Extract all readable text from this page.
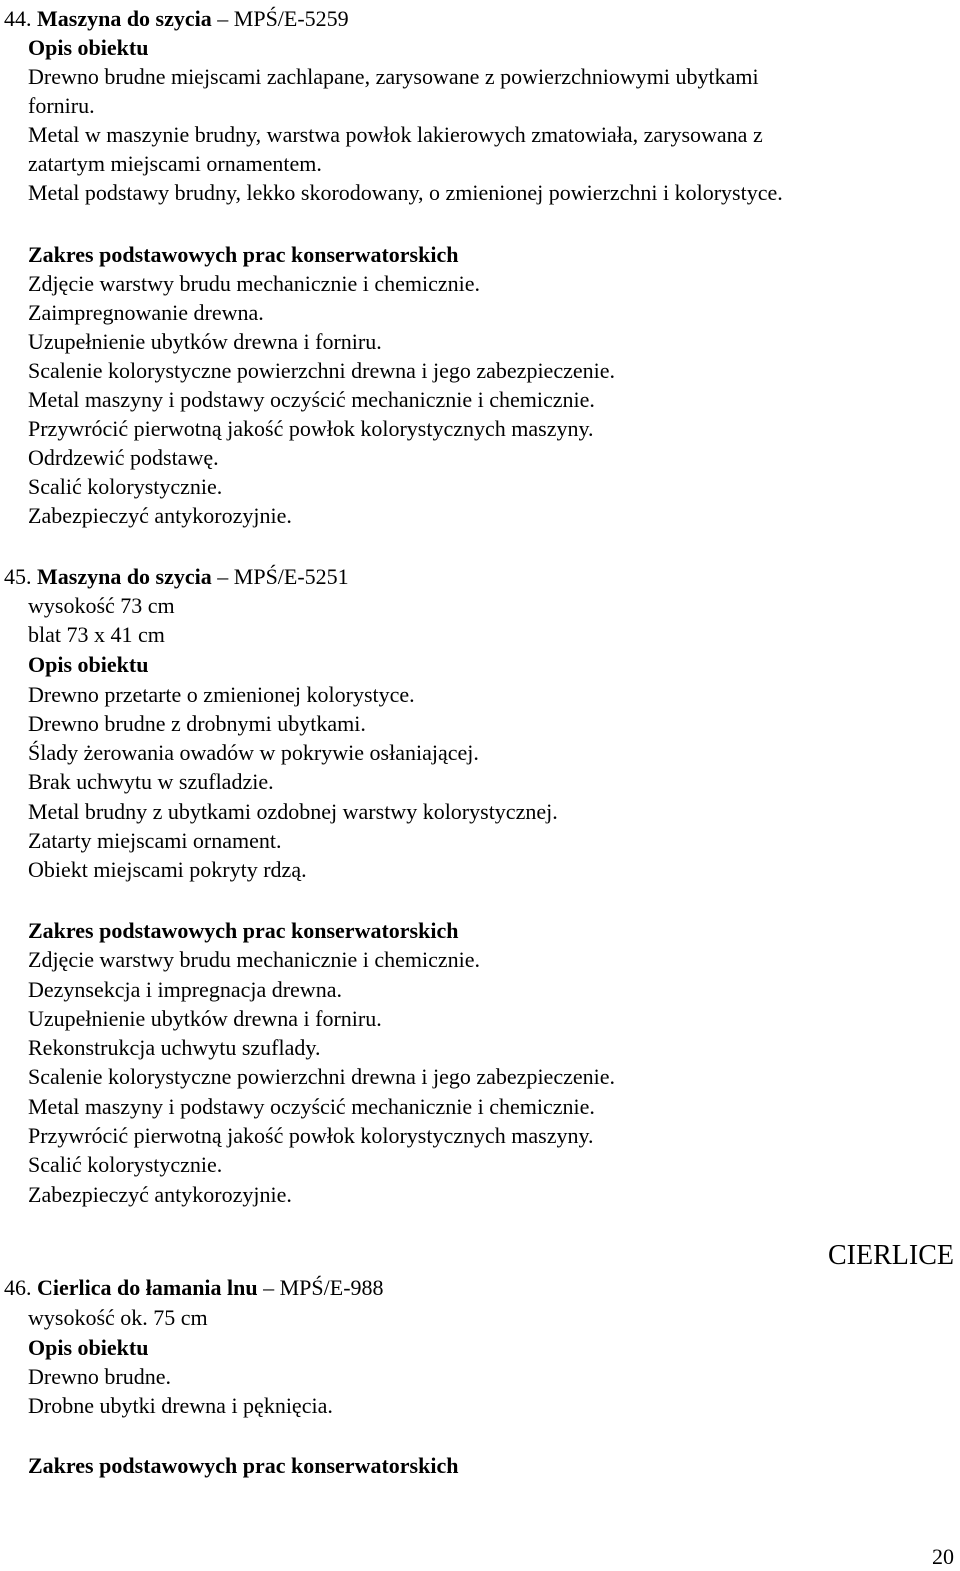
44. Maszyna do szycia – MPŚ/E-5259
Opis obiektu
Drewno brudne miejscami zachlapane, zarysowane z powierzchniowymi ubytkami
forniru.
Metal w maszynie brudny, warstwa powłok lakierowych zmatowiała, zarysowana z
zatartym miejscami ornamentem.
Metal podstawy brudny, lekko skorodowany, o zmienionej powierzchni i kolorystyce.
Zakres podstawowych prac konserwatorskich
Zdjęcie warstwy brudu mechanicznie i chemicznie.
Zaimpregnowanie drewna.
Uzupełnienie ubytków drewna i forniru.
Scalenie kolorystyczne powierzchni drewna i jego zabezpieczenie.
Metal maszyny i podstawy oczyścić mechanicznie i chemicznie.
Przywrócić pierwotną jakość powłok kolorystycznych maszyny.
Odrdzewić podstawę.
Scalić kolorystycznie.
Zabezpieczyć antykorozyjnie.
45. Maszyna do szycia – MPŚ/E-5251
wysokość 73 cm
blat 73 x 41 cm
Opis obiektu
Drewno przetarte o zmienionej kolorystyce.
Drewno brudne z drobnymi ubytkami.
Ślady żerowania owadów w pokrywie osłaniającej.
Brak uchwytu w szufladzie.
Metal brudny z ubytkami ozdobnej warstwy kolorystycznej.
Zatarty miejscami ornament.
Obiekt miejscami pokryty rdzą.
Zakres podstawowych prac konserwatorskich
Zdjęcie warstwy brudu mechanicznie i chemicznie.
Dezynsekcja i impregnacja drewna.
Uzupełnienie ubytków drewna i forniru.
Rekonstrukcja uchwytu szuflady.
Scalenie kolorystyczne powierzchni drewna i jego zabezpieczenie.
Metal maszyny i podstawy oczyścić mechanicznie i chemicznie.
Przywrócić pierwotną jakość powłok kolorystycznych maszyny.
Scalić kolorystycznie.
Zabezpieczyć antykorozyjnie.
CIERLICE
46. Cierlica do łamania lnu – MPŚ/E-988
wysokość ok. 75 cm
Opis obiektu
Drewno brudne.
Drobne ubytki drewna i pęknięcia.
Zakres podstawowych prac konserwatorskich
20
